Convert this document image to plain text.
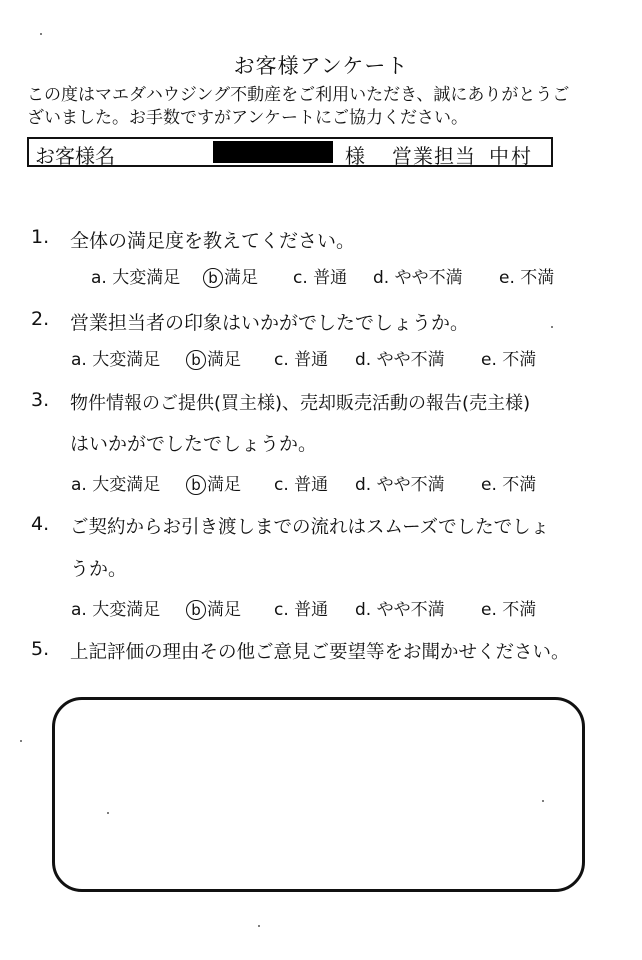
お客様アンケート
この度はマエダハウジング不動産をご利用いただき、誠にありがとうご
ざいました。お手数ですがアンケートにご協力ください。
お客様名	様 営業担当 中村
1. 全体の満足度を教えてください。
a. 大変満足	b 満足 c. 普通 d. やや不満 e. 不満
2. 営業担当者の印象はいかがでしたでしょうか。
a. 大変満足	b 満足 c. 普通 d. やや不満 e. 不満
3. 物件情報のご提供(買主様)、売却販売活動の報告(売主様)
はいかがでしたでしょうか。
a. 大変満足	b 満足 c. 普通 d. やや不満 e. 不満
4. ご契約からお引き渡しまでの流れはスムーズでしたでしょ
うか。
a. 大変満足	b 満足 c. 普通 d. やや不満 e. 不満
5. 上記評価の理由その他ご意見ご要望等をお聞かせください。
